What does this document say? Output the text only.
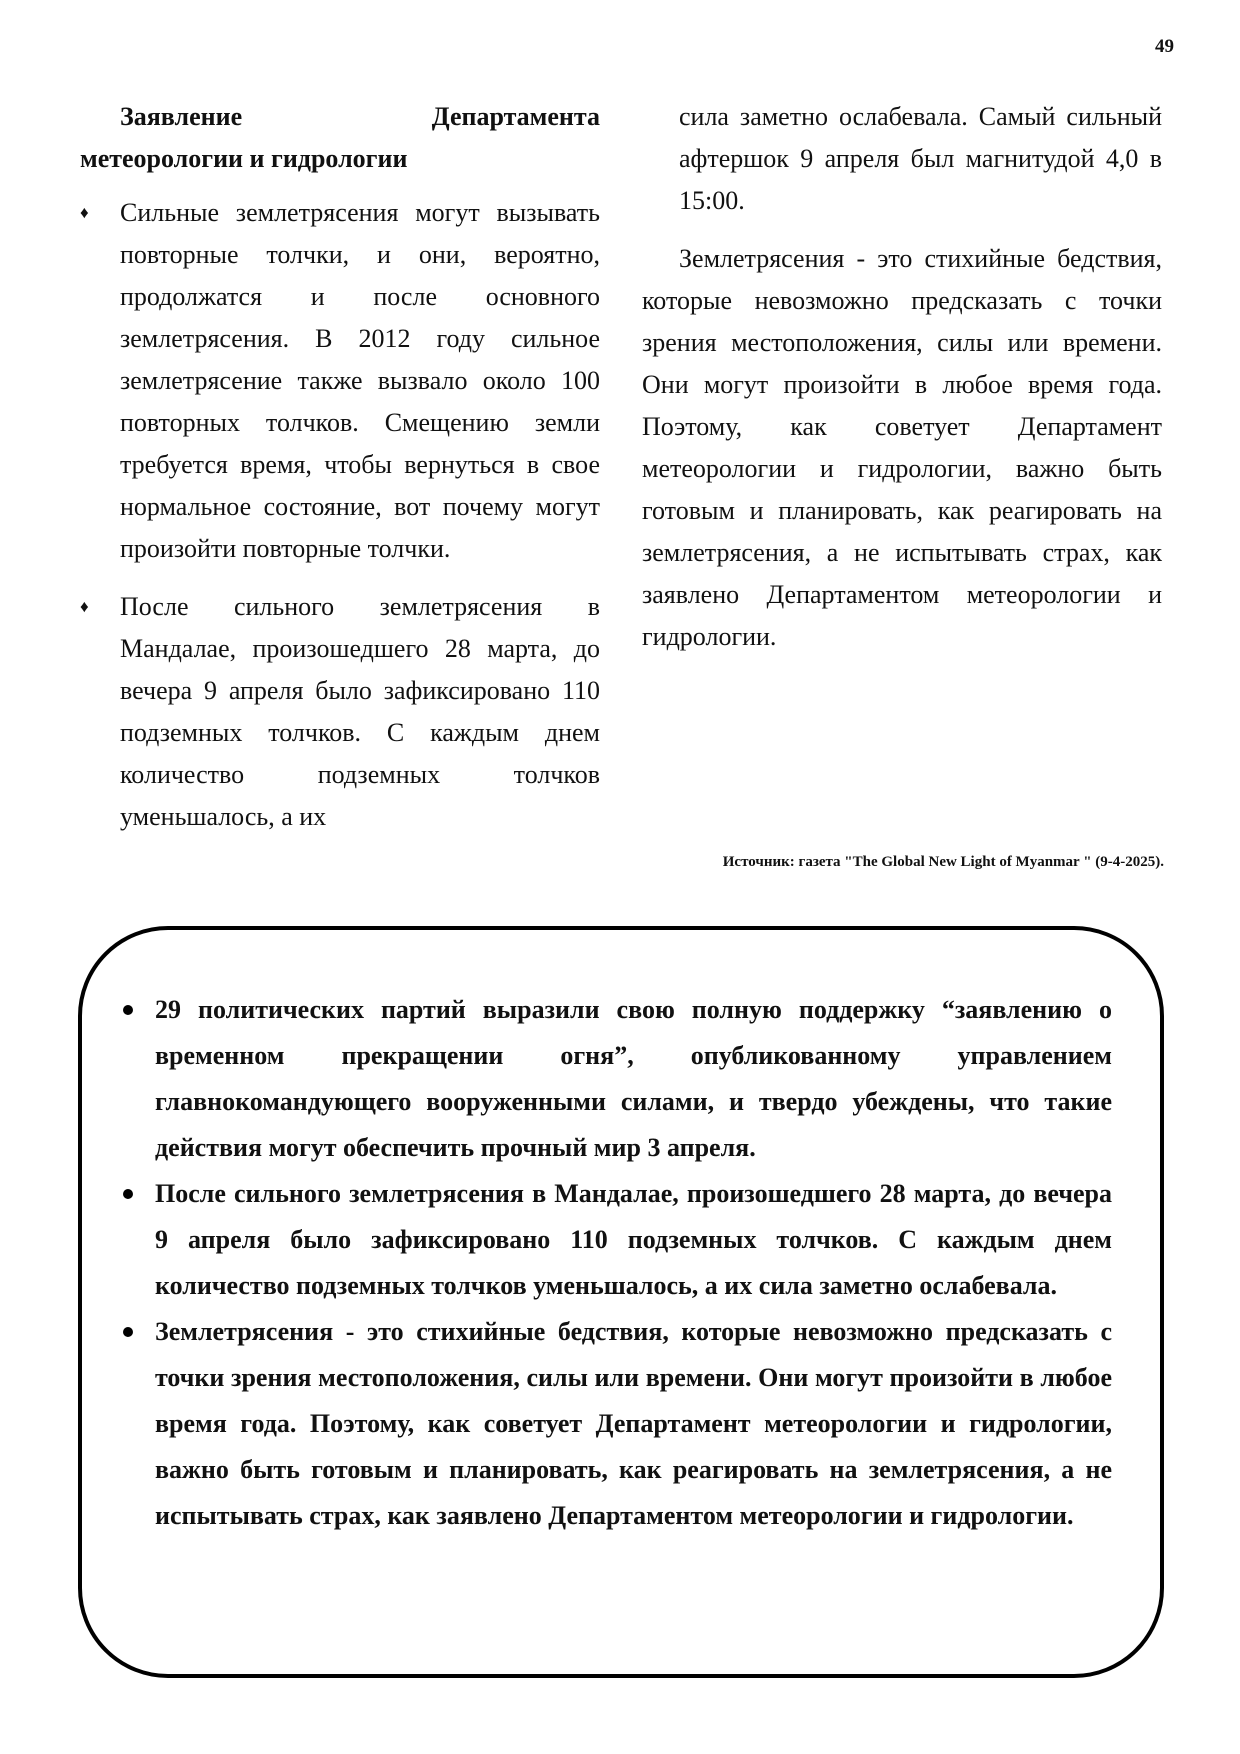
49
Заявление	Департамента
метеорологии и гидрологии
♦ Сильные землетрясения могут вызывать повторные толчки, и они, вероятно, продолжатся и после основного землетрясения. В 2012 году сильное землетрясение также вызвало около 100 повторных толчков. Смещению земли требуется время, чтобы вернуться в свое нормальное состояние, вот почему могут произойти повторные толчки.
♦ После сильного землетрясения в Мандалае, произошедшего 28 марта, до вечера 9 апреля было зафиксировано 110 подземных толчков. С каждым днем количество подземных толчков уменьшалось, а их

сила заметно ослабевала. Самый сильный афтершок 9 апреля был магнитудой 4,0 в 15:00.

Землетрясения - это стихийные бедствия, которые невозможно предсказать с точки зрения местоположения, силы или времени. Они могут произойти в любое время года. Поэтому, как советует Департамент метеорологии и гидрологии, важно быть готовым и планировать, как реагировать на землетрясения, а не испытывать страх, как заявлено Департаментом метеорологии и гидрологии.

Источник: газета "The Global New Light of Myanmar " (9-4-2025).
29 политических партий выразили свою полную поддержку “заявлению о временном прекращении огня”, опубликованному управлением главнокомандующего вооруженными силами, и твердо убеждены, что такие действия могут обеспечить прочный мир 3 апреля.
После сильного землетрясения в Мандалае, произошедшего 28 марта, до вечера 9 апреля было зафиксировано 110 подземных толчков. С каждым днем количество подземных толчков уменьшалось, а их сила заметно ослабевала.
Землетрясения - это стихийные бедствия, которые невозможно предсказать с точки зрения местоположения, силы или времени. Они могут произойти в любое время года. Поэтому, как советует Департамент метеорологии и гидрологии, важно быть готовым и планировать, как реагировать на землетрясения, а не испытывать страх, как заявлено Департаментом метеорологии и гидрологии.
